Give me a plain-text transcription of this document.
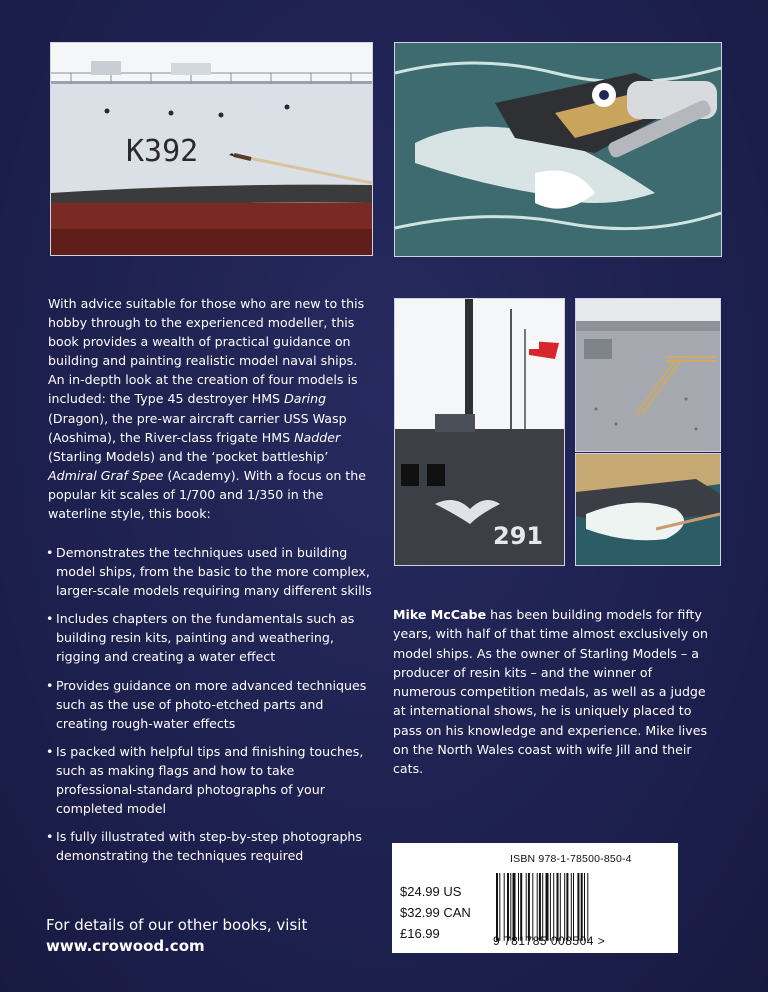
K392
291

With advice suitable for those who are new to this hobby through to the experienced modeller, this book provides a wealth of practical guidance on building and painting realistic model naval ships. An in-depth look at the creation of four models is included: the Type 45 destroyer HMS Daring (Dragon), the pre-war aircraft carrier USS Wasp (Aoshima), the River-class frigate HMS Nadder (Starling Models) and the ‘pocket battleship’ Admiral Graf Spee (Academy). With a focus on the popular kit scales of 1/700 and 1/350 in the waterline style, this book:

• Demonstrates the techniques used in building model ships, from the basic to the more complex, larger-scale models requiring many different skills
• Includes chapters on the fundamentals such as building resin kits, painting and weathering, rigging and creating a water effect
• Provides guidance on more advanced techniques such as the use of photo-etched parts and creating rough-water effects
• Is packed with helpful tips and finishing touches, such as making flags and how to take professional-standard photographs of your completed model
• Is fully illustrated with step-by-step photographs demonstrating the techniques required

Mike McCabe has been building models for fifty years, with half of that time almost exclusively on model ships. As the owner of Starling Models – a producer of resin kits – and the winner of numerous competition medals, as well as a judge at international shows, he is uniquely placed to pass on his knowledge and experience. Mike lives on the North Wales coast with wife Jill and their cats.

For details of our other books, visit
www.crowood.com
ISBN 978-1-78500-850-4
$24.99 US
$32.99 CAN
£16.99	9 781785 008504 >
